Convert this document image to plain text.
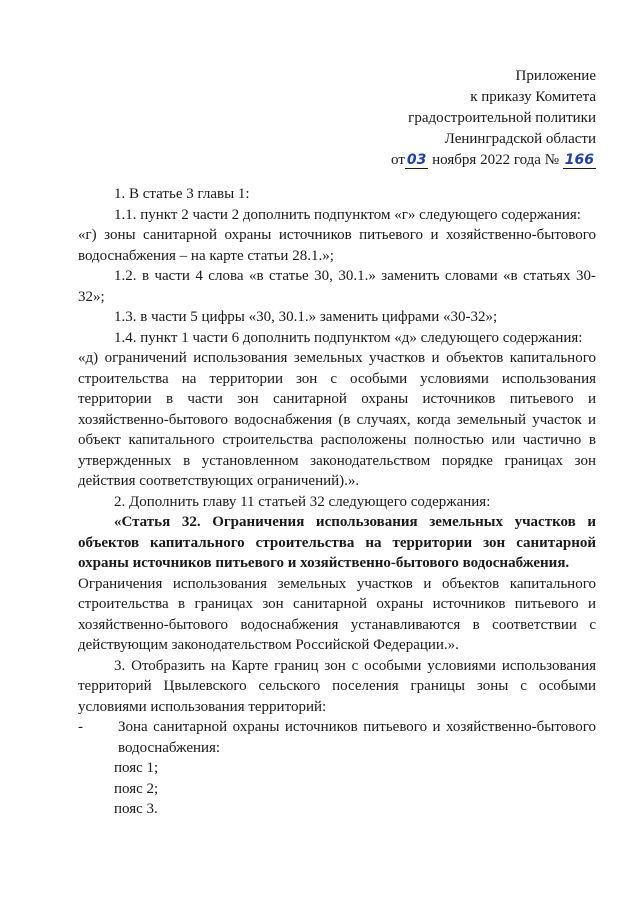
Приложение
к приказу Комитета
градостроительной политики
Ленинградской области
от 03 ноября 2022 года № 166

1. В статье 3 главы 1:

1.1. пункт 2 части 2 дополнить подпунктом «г» следующего содержания:

«г) зоны санитарной охраны источников питьевого и хозяйственно-бытового водоснабжения – на карте статьи 28.1.»;

1.2. в части 4 слова «в статье 30, 30.1.» заменить словами «в статьях 30-32»;

1.3. в части 5 цифры «30, 30.1.» заменить цифрами «30-32»;

1.4. пункт 1 части 6 дополнить подпунктом «д» следующего содержания:

«д) ограничений использования земельных участков и объектов капитального строительства на территории зон с особыми условиями использования территории в части зон санитарной охраны источников питьевого и хозяйственно-бытового водоснабжения (в случаях, когда земельный участок и объект капитального строительства расположены полностью или частично в утвержденных в установленном законодательством порядке границах зон действия соответствующих ограничений).».

2. Дополнить главу 11 статьей 32 следующего содержания:

«Статья 32. Ограничения использования земельных участков и объектов капитального строительства на территории зон санитарной охраны источников питьевого и хозяйственно-бытового водоснабжения.

Ограничения использования земельных участков и объектов капитального строительства в границах зон санитарной охраны источников питьевого и хозяйственно-бытового водоснабжения устанавливаются в соответствии с действующим законодательством Российской Федерации.».

3. Отобразить на Карте границ зон с особыми условиями использования территорий Цвылевского сельского поселения границы зоны с особыми условиями использования территорий:

-	Зона санитарной охраны источников питьевого и хозяйственно-бытового водоснабжения:
пояс 1;
пояс 2;
пояс 3.
